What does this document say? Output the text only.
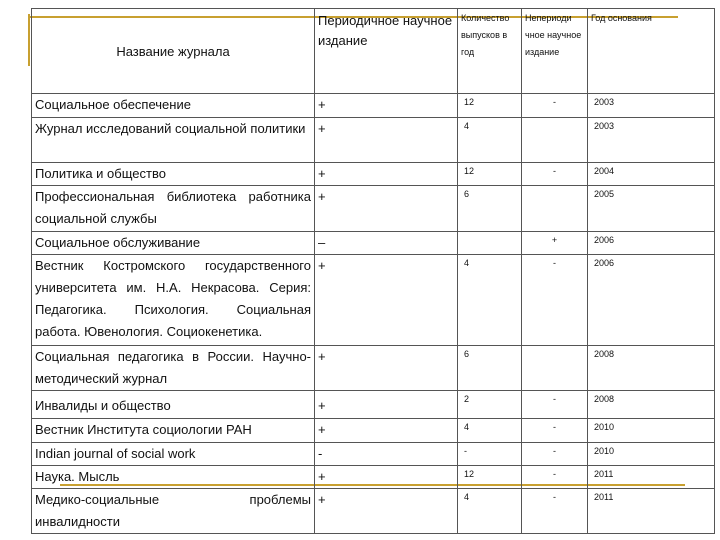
Название журнала	Периодичное научное издание	Количество выпусков в год	Непериоди чное научное издание	Год основания
Социальное обеспечение	+	12	-	2003
Журнал исследований социальной политики	+	4		2003
Политика и общество	+	12	-	2004
Профессиональная библиотека работника социальной службы	+	6		2005
Социальное обслуживание	–		+	2006
Вестник Костромского государственного университета им. Н.А. Некрасова. Серия: Педагогика. Психология. Социальная работа. Ювенология. Социокенетика.	+	4	-	2006
Социальная педагогика в России. Научно-методический журнал	+	6		2008
Инвалиды и общество	+	2	-	2008
Вестник Института социологии РАН	+	4	-	2010
Indian journal of social work	-	-	-	2010
Наука. Мысль	+	12	-	2011
Медико-социальные проблемы инвалидности	+	4	-	2011
